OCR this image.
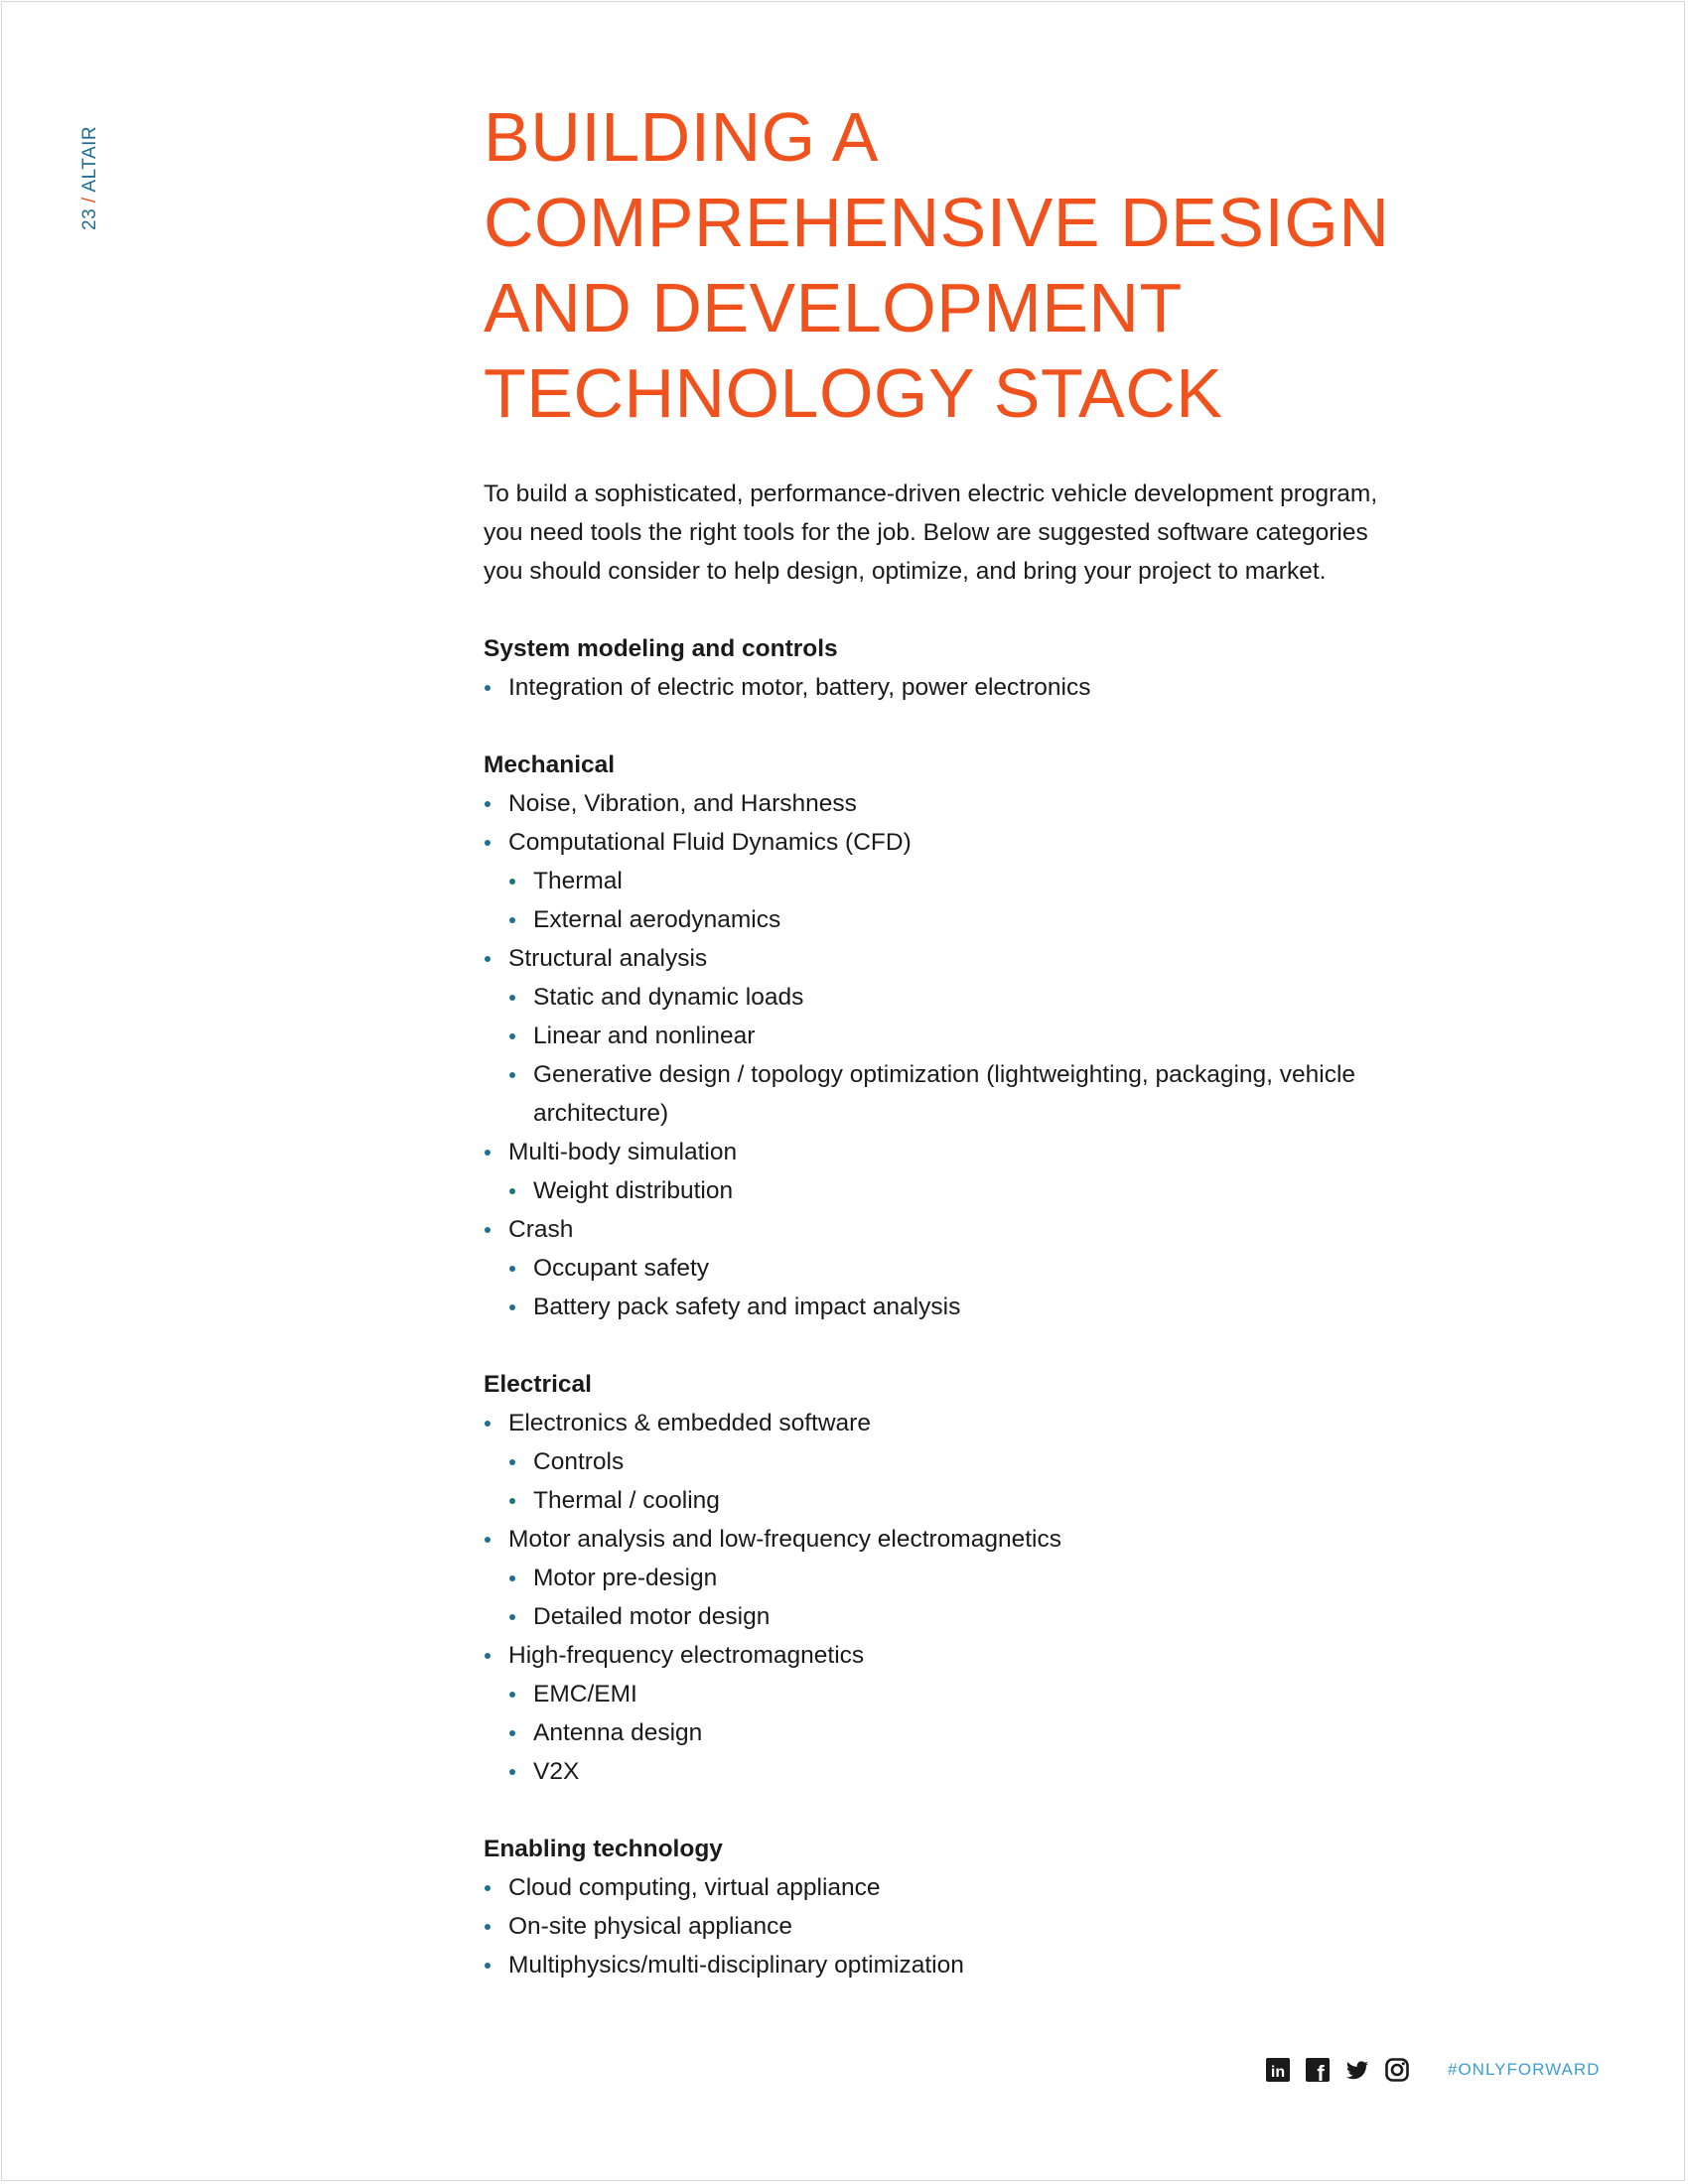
23 / ALTAIR	BUILDING A
COMPREHENSIVE DESIGN
AND DEVELOPMENT
TECHNOLOGY STACK

To build a sophisticated, performance-driven electric vehicle development program,

you need tools the right tools for the job. Below are suggested software categories

you should consider to help design, optimize, and bring your project to market.

System modeling and controls
Integration of electric motor, battery, power electronics
Mechanical
Noise, Vibration, and Harshness
Computational Fluid Dynamics (CFD)
Thermal
External aerodynamics
Structural analysis
Static and dynamic loads
Linear and nonlinear
Generative design / topology optimization (lightweighting, packaging, vehicle
architecture)
Multi-body simulation
Weight distribution
Crash
Occupant safety
Battery pack safety and impact analysis
Electrical
Electronics & embedded software
Controls
Thermal / cooling
Motor analysis and low-frequency electromagnetics
Motor pre-design
Detailed motor design
High-frequency electromagnetics
EMC/EMI
Antenna design
V2X
Enabling technology
Cloud computing, virtual appliance
On-site physical appliance
Multiphysics/multi-disciplinary optimization
in f	#ONLYFORWARD
